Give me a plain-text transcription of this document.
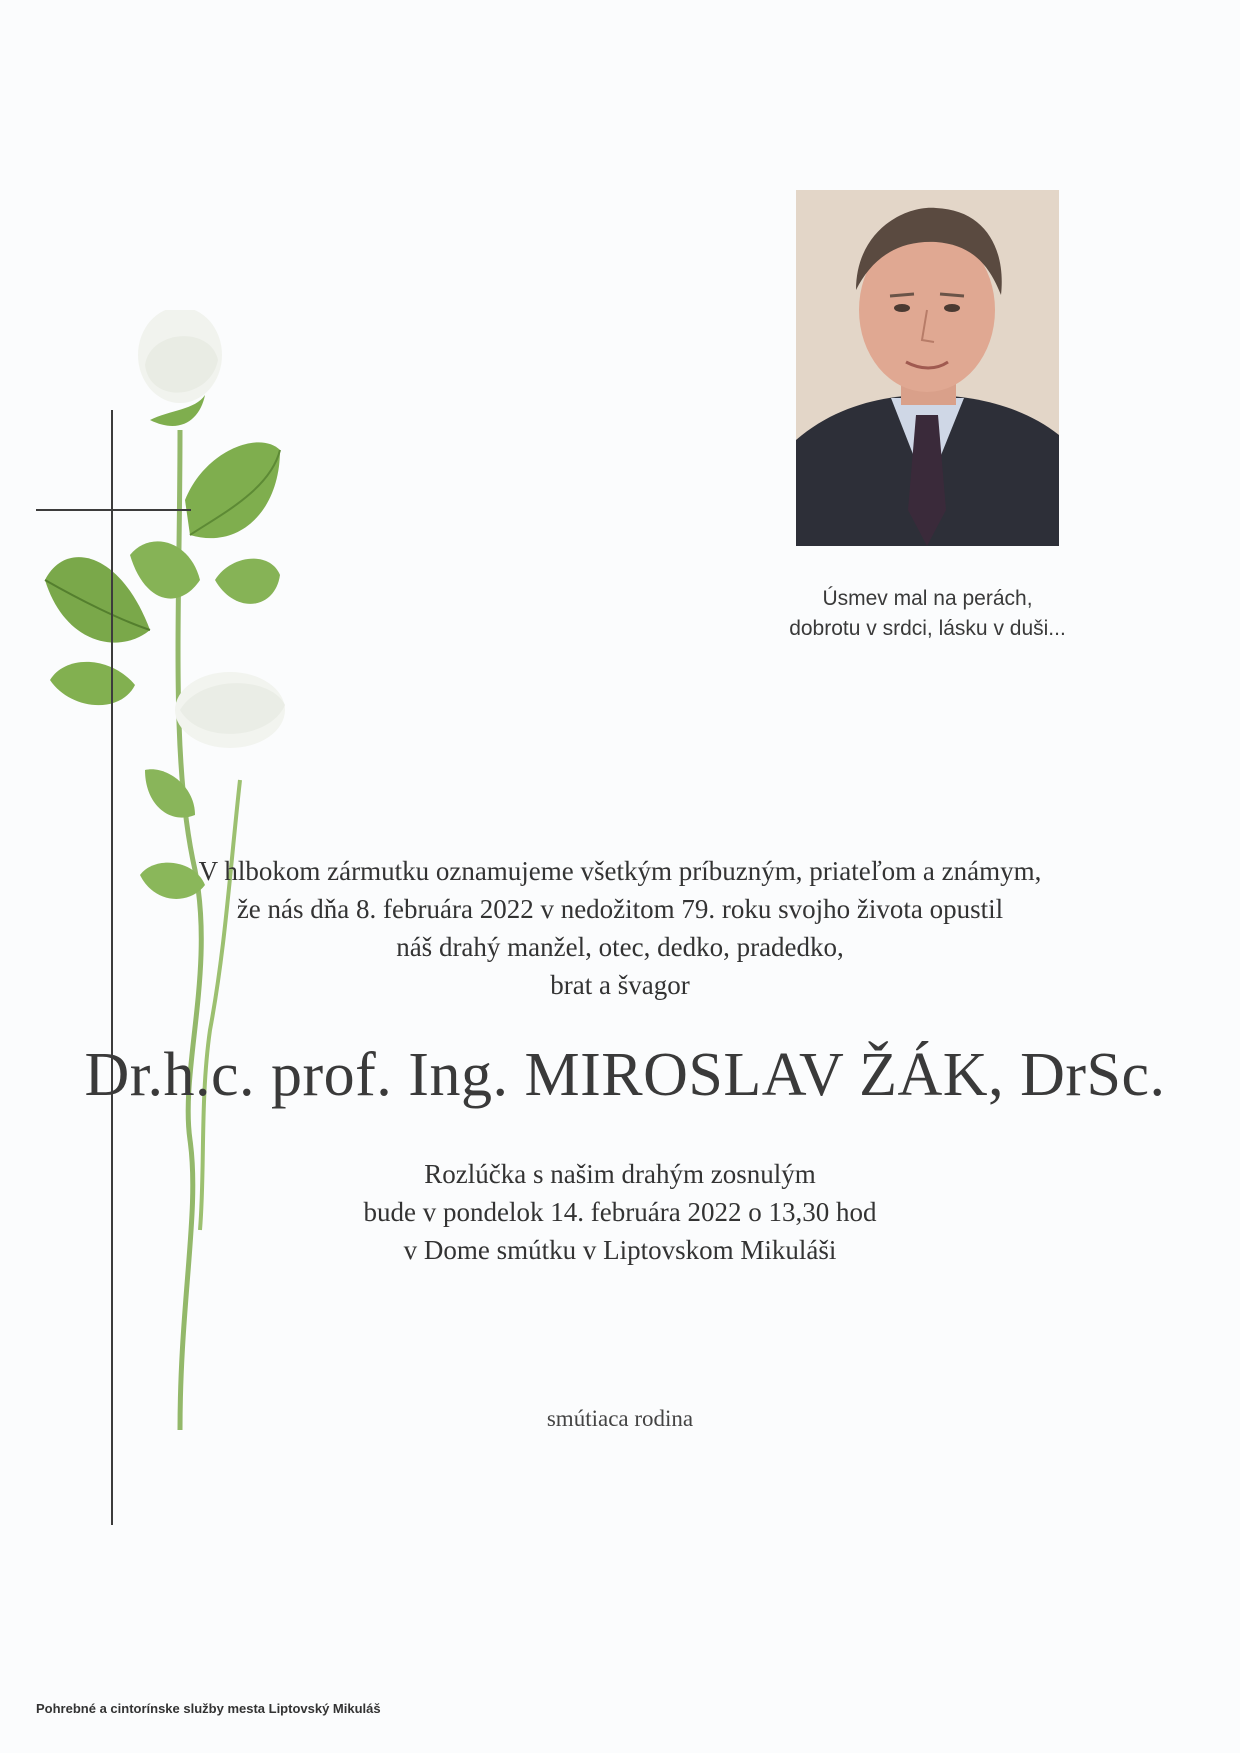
Úsmev mal na perách,
dobrotu v srdci, lásku v duši...
V hlbokom zármutku oznamujeme všetkým príbuzným, priateľom a známym,
že nás dňa 8. februára 2022 v nedožitom 79. roku svojho života opustil
náš drahý manžel, otec, dedko, pradedko,
brat a švagor
Dr.h.c. prof. Ing. MIROSLAV ŽÁK, DrSc.
Rozlúčka s našim drahým zosnulým
bude v pondelok 14. februára 2022 o 13,30 hod
v Dome smútku v Liptovskom Mikuláši
smútiaca rodina
Pohrebné a cintorínske služby mesta Liptovský Mikuláš
